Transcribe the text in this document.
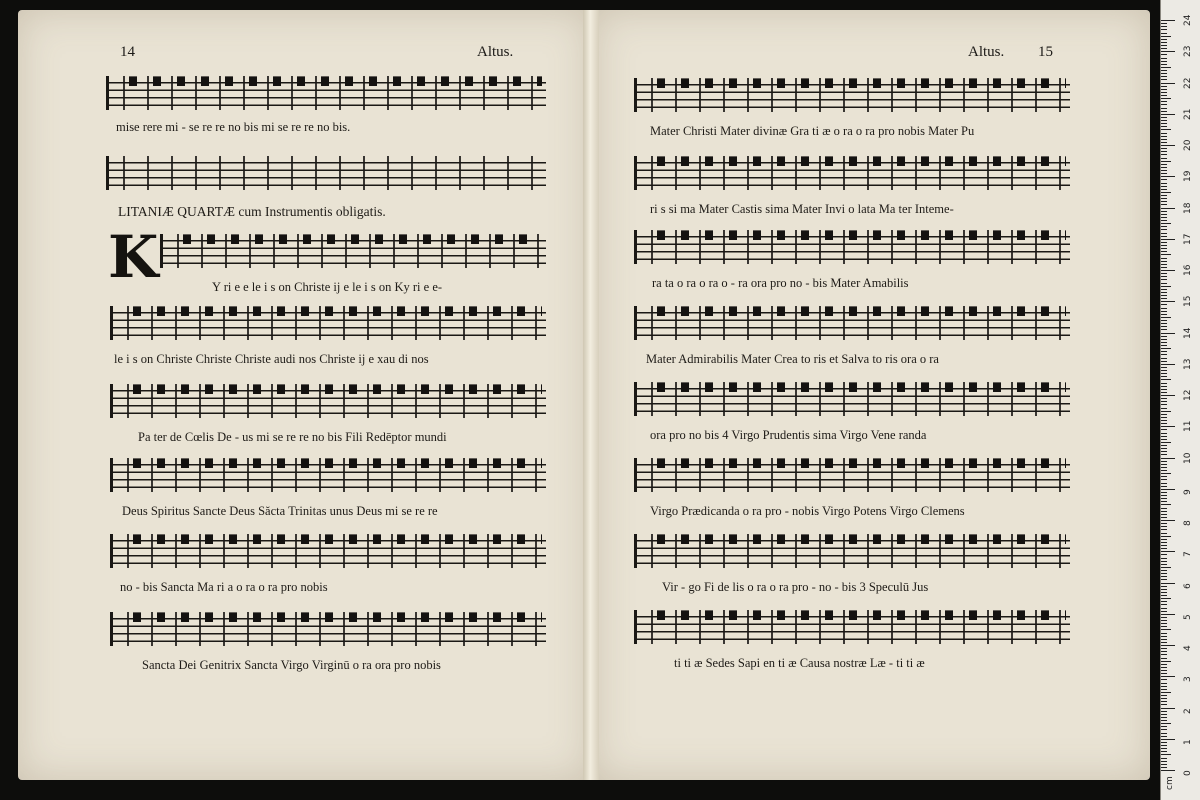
14	Altus.
mise rere mi - se re re no bis mi se re re no bis.
LITANIÆ QUARTÆ cum Instrumentis obligatis.
K	Y ri e e le i s on Christe ij e le i s on Ky ri e e-
le i s on Christe Christe Christe audi nos Christe ij e xau di nos
Pa ter de Cœlis De - us mi se re re no bis Fili Redēptor mundi
Deus Spiritus Sancte Deus Săcta Trinitas unus Deus mi se re re
no - bis Sancta Ma ri a o ra o ra pro nobis
Sancta Dei Genitrix Sancta Virgo Virginū o ra ora pro nobis
Altus. 15
Mater Christi Mater divinæ Gra ti æ o ra o ra pro nobis Mater Pu
ri s si ma Mater Castis sima Mater Invi o lata Ma ter Inteme-
ra ta o ra o ra o - ra ora pro no - bis Mater Amabilis
Mater Admirabilis Mater Crea to ris et Salva to ris ora o ra
ora pro no bis 4 Virgo Prudentis sima Virgo Vene randa
Virgo Prædicanda o ra pro - nobis Virgo Potens Virgo Clemens
Vir - go Fi de lis o ra o ra pro - no - bis 3 Speculū Jus
ti ti æ Sedes Sapi en ti æ Causa nostræ Læ - ti ti æ
cm
0
1
2
3
4
5
6
7
8
9
10
11
12
13
14
15
16
17
18
19
20
21
22
23
24
